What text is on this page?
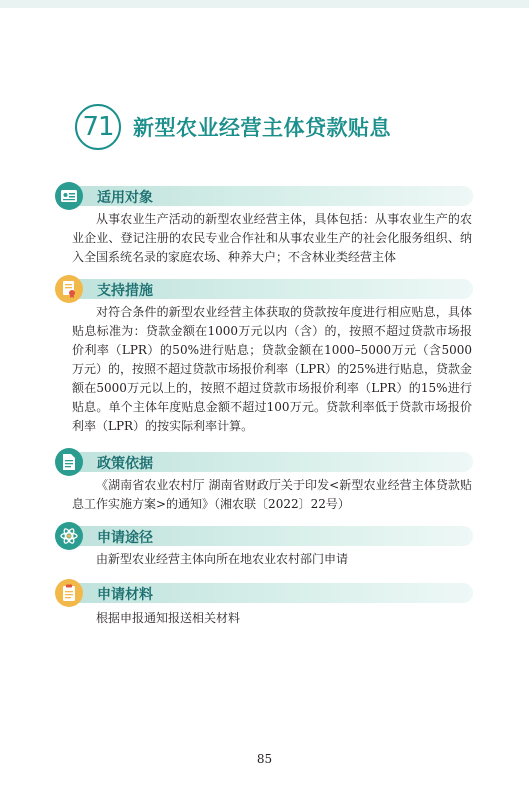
71 新型农业经营主体贷款贴息
适用对象

从事农业生产活动的新型农业经营主体，具体包括：从事农业生产的农业企业、登记注册的农民专业合作社和从事农业生产的社会化服务组织、纳入全国系统名录的家庭农场、种养大户；不含林业类经营主体

支持措施

对符合条件的新型农业经营主体获取的贷款按年度进行相应贴息，具体贴息标准为：贷款金额在1000万元以内（含）的，按照不超过贷款市场报价利率（LPR）的50%进行贴息；贷款金额在1000–5000万元（含5000万元）的，按照不超过贷款市场报价利率（LPR）的25%进行贴息，贷款金额在5000万元以上的，按照不超过贷款市场报价利率（LPR）的15%进行贴息。单个主体年度贴息金额不超过100万元。贷款利率低于贷款市场报价利率（LPR）的按实际利率计算。

政策依据

《湖南省农业农村厅 湖南省财政厅关于印发<新型农业经营主体贷款贴息工作实施方案>的通知》（湘农联〔2022〕22号）

申请途径

由新型农业经营主体向所在地农业农村部门申请

申请材料

根据申报通知报送相关材料

85
